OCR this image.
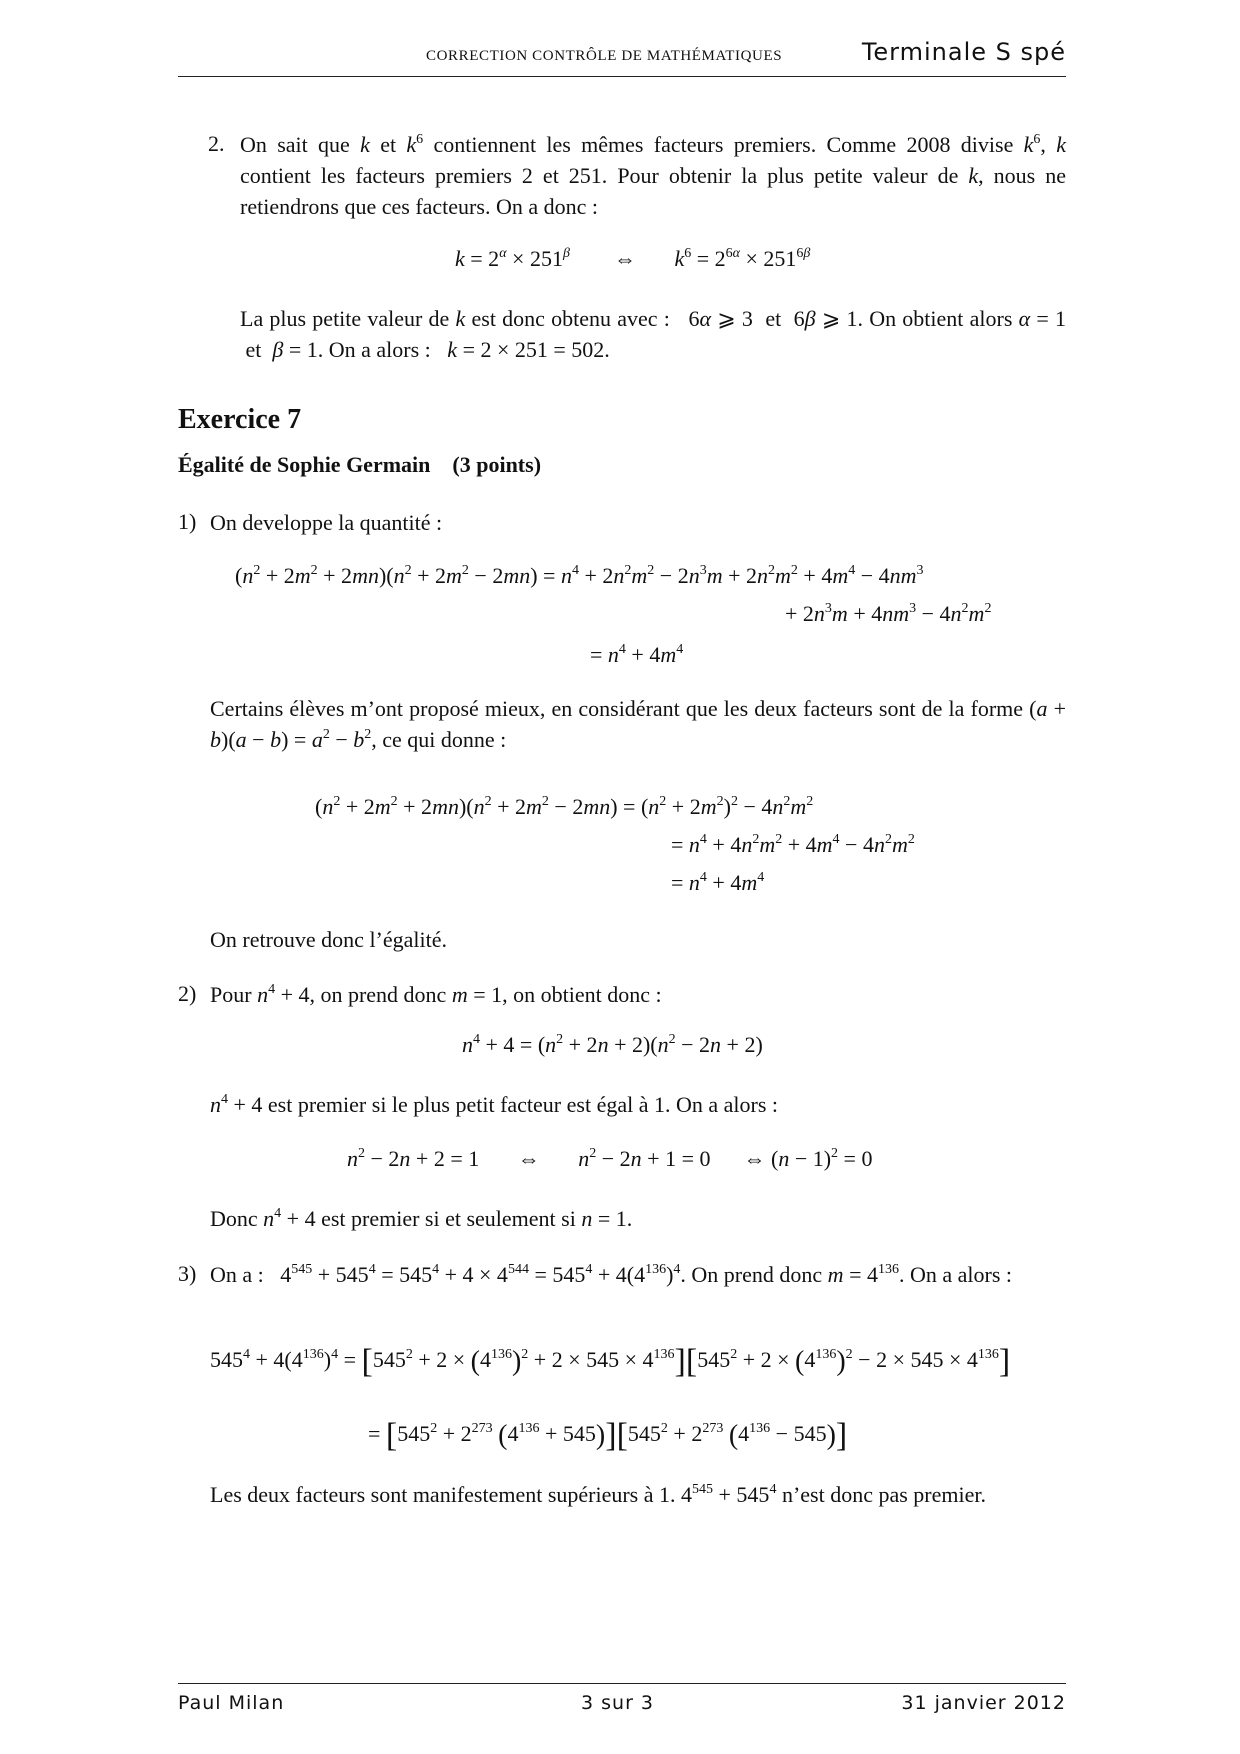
CORRECTION CONTRÔLE DE MATHÉMATIQUES	Terminale S spé
2. On sait que k et $k^6$ contiennent les mêmes facteurs premiers. Comme 2008 divise $k^6$, k contient les facteurs premiers 2 et 251. Pour obtenir la plus petite valeur de k, nous ne retiendrons que ces facteurs. On a donc :
$k = 2^\alpha \times 251^\beta$        ⇔       $k^6 = 2^{6\alpha} \times 251^{6\beta}$
La plus petite valeur de k est donc obtenu avec :   6α ⩾ 3  et  6β ⩾ 1. On obtient alors α = 1  et  β = 1. On a alors :   k = 2 × 251 = 502.
Exercice 7
Égalité de Sophie Germain (3 points)
1) On developpe la quantité :
$(n^2 + 2m^2 + 2mn)(n^2 + 2m^2 - 2mn) = n^4 + 2n^2m^2 - 2n^3m + 2n^2m^2 + 4m^4 - 4nm^3$
+ $2n^3m + 4nm^3 - 4n^2m^2$
= $n^4 + 4m^4$
Certains élèves m’ont proposé mieux, en considérant que les deux facteurs sont de la forme $(a + b)(a - b) = a^2 - b^2$, ce qui donne :
$(n^2 + 2m^2 + 2mn)(n^2 + 2m^2 - 2mn) = (n^2 + 2m^2)^2 - 4n^2m^2$
= $n^4 + 4n^2m^2 + 4m^4 - 4n^2m^2$
= $n^4 + 4m^4$
On retrouve donc l’égalité.
2) Pour $n^4 + 4$, on prend donc m = 1, on obtient donc :
$n^4 + 4 = (n^2 + 2n + 2)(n^2 - 2n + 2)$
$n^4 + 4$ est premier si le plus petit facteur est égal à 1. On a alors :
$n^2 - 2n + 2 = 1$       ⇔       $n^2 - 2n + 1 = 0$      ⇔ $(n - 1)^2 = 0$
Donc $n^4 + 4$ est premier si et seulement si n = 1.
3) On a :   $4^{545} + 545^4 = 545^4 + 4 \times 4^{544} = 545^4 + 4(4^{136})^4$. On prend donc $m = 4^{136}$. On a alors :
$545^4 + 4(4^{136})^4 = [545^2 + 2 \times (4^{136})^2 + 2 \times 545 \times 4^{136}][545^2 + 2 \times (4^{136})^2 - 2 \times 545 \times 4^{136}]$
= [$545^2 + 2^{273}$ $(4^{136} + 545)][545^2 + 2^{273}$ $(4^{136} - 545)$]
Les deux facteurs sont manifestement supérieurs à 1. $4^{545} + 545^4$ n’est donc pas premier.
Paul Milan	3 sur 3	31 janvier 2012
